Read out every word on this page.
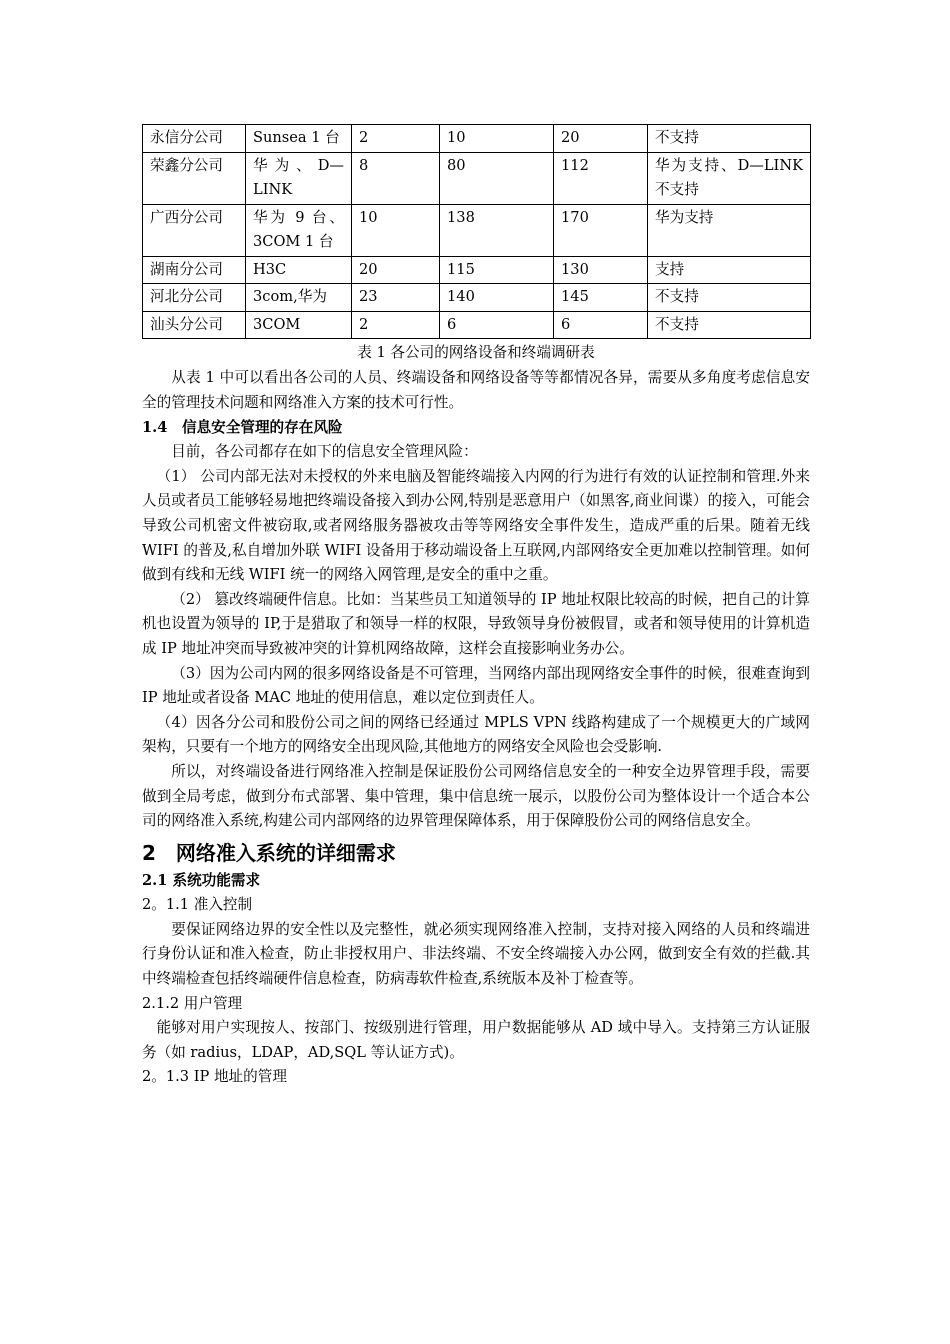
永信分公司	Sunsea 1 台	2	10	20	不支持
荣鑫分公司	华为、D—LINK	8	80	112	华为支持、D—LINK 不支持
广西分公司	华为 9 台、3COM 1 台	10	138	170	华为支持
湖南分公司	H3C	20	115	130	支持
河北分公司	3com,华为	23	140	145	不支持
汕头分公司	3COM	2	6	6	不支持
表 1 各公司的网络设备和终端调研表

从表 1 中可以看出各公司的人员、终端设备和网络设备等等都情况各异，需要从多角度考虑信息安全的管理技术问题和网络准入方案的技术可行性。

1.4　信息安全管理的存在风险

目前，各公司都存在如下的信息安全管理风险：

（1） 公司内部无法对未授权的外来电脑及智能终端接入内网的行为进行有效的认证控制和管理.外来人员或者员工能够轻易地把终端设备接入到办公网,特别是恶意用户（如黑客,商业间谍）的接入，可能会导致公司机密文件被窃取,或者网络服务器被攻击等等网络安全事件发生，造成严重的后果。随着无线 WIFI 的普及,私自增加外联 WIFI 设备用于移动端设备上互联网,内部网络安全更加难以控制管理。如何做到有线和无线 WIFI 统一的网络入网管理,是安全的重中之重。

（2） 篡改终端硬件信息。比如：当某些员工知道领导的 IP 地址权限比较高的时候，把自己的计算机也设置为领导的 IP,于是猎取了和领导一样的权限，导致领导身份被假冒，或者和领导使用的计算机造成 IP 地址冲突而导致被冲突的计算机网络故障，这样会直接影响业务办公。

（3）因为公司内网的很多网络设备是不可管理，当网络内部出现网络安全事件的时候，很难查询到 IP 地址或者设备 MAC 地址的使用信息，难以定位到责任人。

（4）因各分公司和股份公司之间的网络已经通过 MPLS VPN 线路构建成了一个规模更大的广域网架构，只要有一个地方的网络安全出现风险,其他地方的网络安全风险也会受影响.

所以，对终端设备进行网络准入控制是保证股份公司网络信息安全的一种安全边界管理手段，需要做到全局考虑，做到分布式部署、集中管理，集中信息统一展示，以股份公司为整体设计一个适合本公司的网络准入系统,构建公司内部网络的边界管理保障体系，用于保障股份公司的网络信息安全。

2　网络准入系统的详细需求

2.1 系统功能需求

2。1.1 准入控制

要保证网络边界的安全性以及完整性，就必须实现网络准入控制，支持对接入网络的人员和终端进行身份认证和准入检查，防止非授权用户、非法终端、不安全终端接入办公网，做到安全有效的拦截.其中终端检查包括终端硬件信息检查，防病毒软件检查,系统版本及补丁检查等。

2.1.2 用户管理

能够对用户实现按人、按部门、按级别进行管理，用户数据能够从 AD 域中导入。支持第三方认证服务（如 radius，LDAP，AD,SQL 等认证方式)。

2。1.3 IP 地址的管理
